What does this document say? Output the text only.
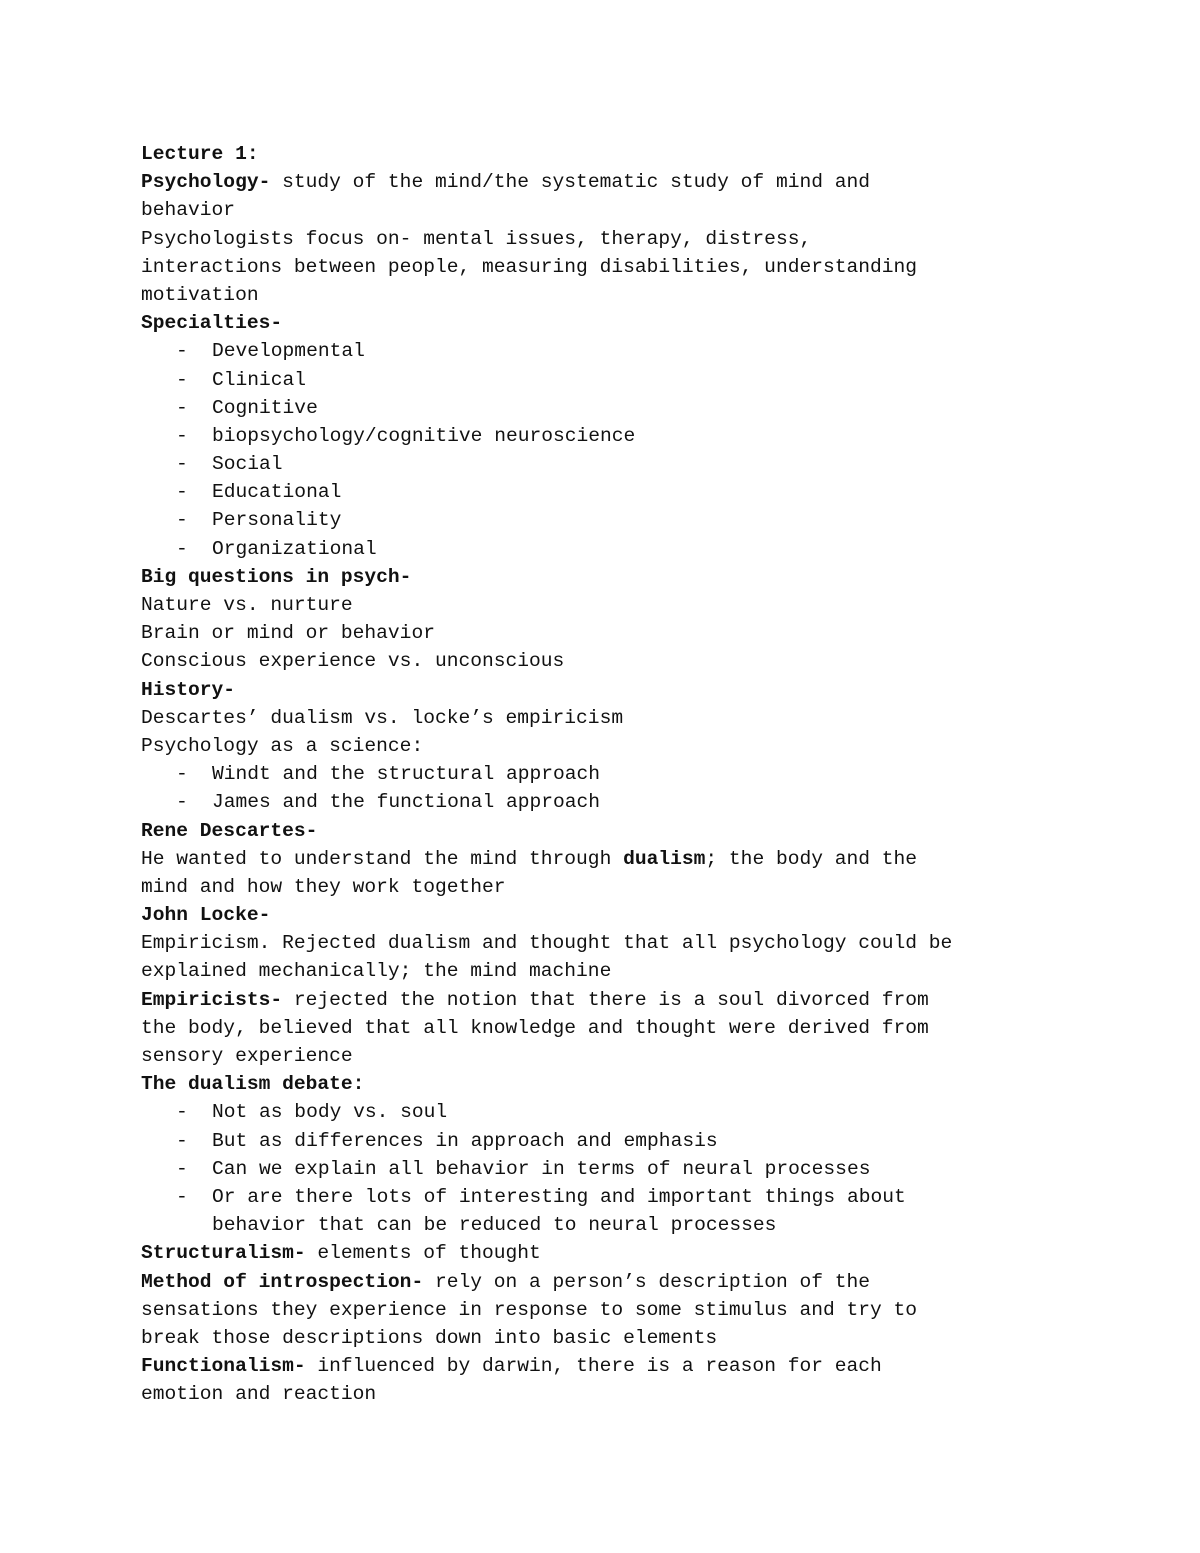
Lecture 1:
Psychology- study of the mind/the systematic study of mind and
behavior
Psychologists focus on- mental issues, therapy, distress,
interactions between people, measuring disabilities, understanding
motivation
Specialties-
- Developmental
- Clinical
- Cognitive
- biopsychology/cognitive neuroscience
- Social
- Educational
- Personality
- Organizational
Big questions in psych-
Nature vs. nurture
Brain or mind or behavior
Conscious experience vs. unconscious
History-
Descartes’ dualism vs. locke’s empiricism
Psychology as a science:
- Windt and the structural approach
- James and the functional approach
Rene Descartes-
He wanted to understand the mind through dualism; the body and the
mind and how they work together
John Locke-
Empiricism. Rejected dualism and thought that all psychology could be
explained mechanically; the mind machine
Empiricists- rejected the notion that there is a soul divorced from
the body, believed that all knowledge and thought were derived from
sensory experience
The dualism debate:
- Not as body vs. soul
- But as differences in approach and emphasis
- Can we explain all behavior in terms of neural processes
- Or are there lots of interesting and important things about
behavior that can be reduced to neural processes
Structuralism- elements of thought
Method of introspection- rely on a person’s description of the
sensations they experience in response to some stimulus and try to
break those descriptions down into basic elements
Functionalism- influenced by darwin, there is a reason for each
emotion and reaction
